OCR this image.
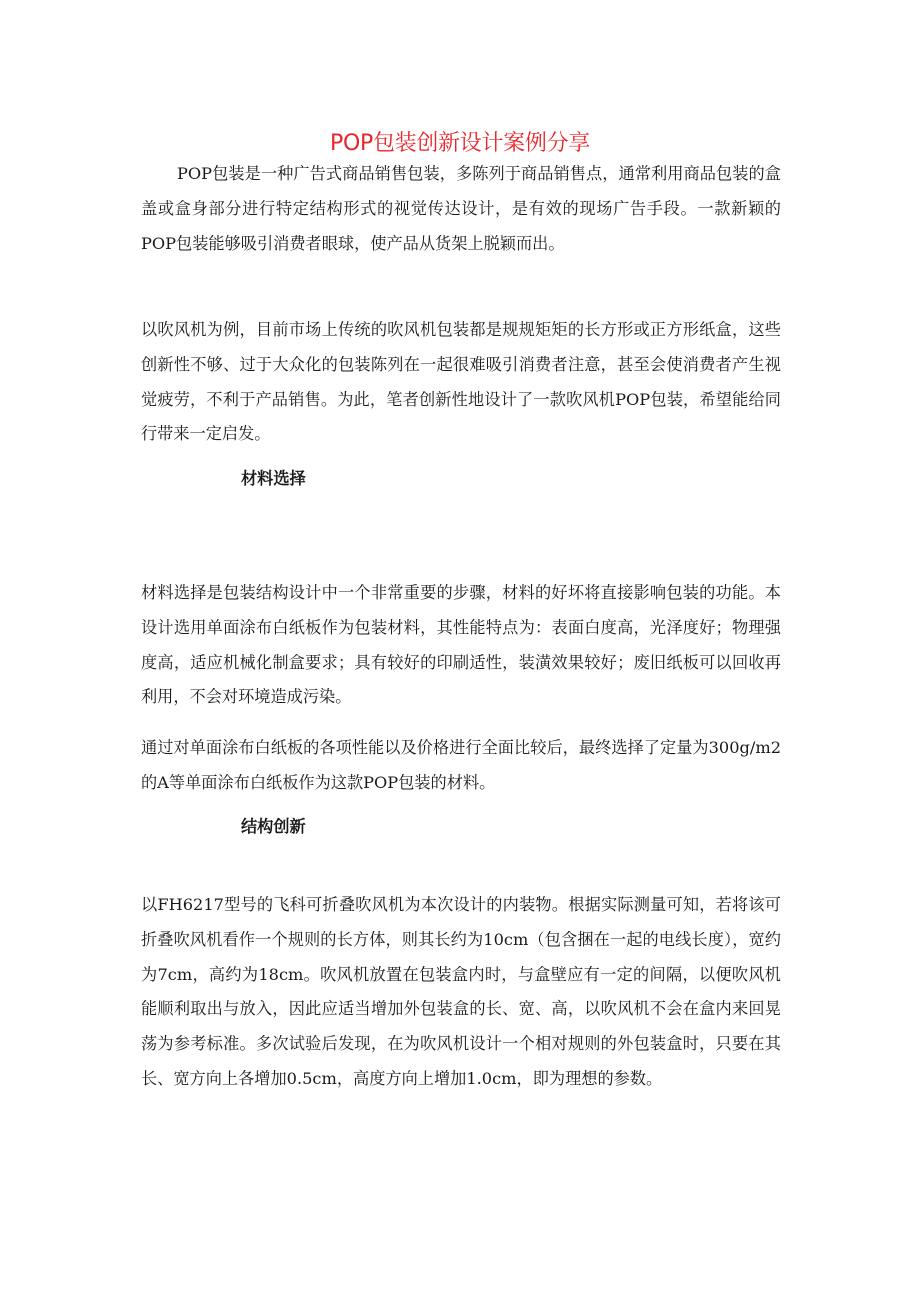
POP包装创新设计案例分享

POP包装是一种广告式商品销售包装，多陈列于商品销售点，通常利用商品包装的盒盖或盒身部分进行特定结构形式的视觉传达设计，是有效的现场广告手段。一款新颖的POP包装能够吸引消费者眼球，使产品从货架上脱颖而出。

以吹风机为例，目前市场上传统的吹风机包装都是规规矩矩的长方形或正方形纸盒，这些创新性不够、过于大众化的包装陈列在一起很难吸引消费者注意，甚至会使消费者产生视觉疲劳，不利于产品销售。为此，笔者创新性地设计了一款吹风机POP包装，希望能给同行带来一定启发。

材料选择

材料选择是包装结构设计中一个非常重要的步骤，材料的好坏将直接影响包装的功能。本设计选用单面涂布白纸板作为包装材料，其性能特点为：表面白度高，光泽度好；物理强度高，适应机械化制盒要求；具有较好的印刷适性，装潢效果较好；废旧纸板可以回收再利用，不会对环境造成污染。

通过对单面涂布白纸板的各项性能以及价格进行全面比较后，最终选择了定量为300g/m2的A等单面涂布白纸板作为这款POP包装的材料。

结构创新

以FH6217型号的飞科可折叠吹风机为本次设计的内装物。根据实际测量可知，若将该可折叠吹风机看作一个规则的长方体，则其长约为10cm（包含捆在一起的电线长度），宽约为7cm，高约为18cm。吹风机放置在包装盒内时，与盒壁应有一定的间隔，以便吹风机能顺利取出与放入，因此应适当增加外包装盒的长、宽、高，以吹风机不会在盒内来回晃荡为参考标准。多次试验后发现，在为吹风机设计一个相对规则的外包装盒时，只要在其长、宽方向上各增加0.5cm，高度方向上增加1.0cm，即为理想的参数。
